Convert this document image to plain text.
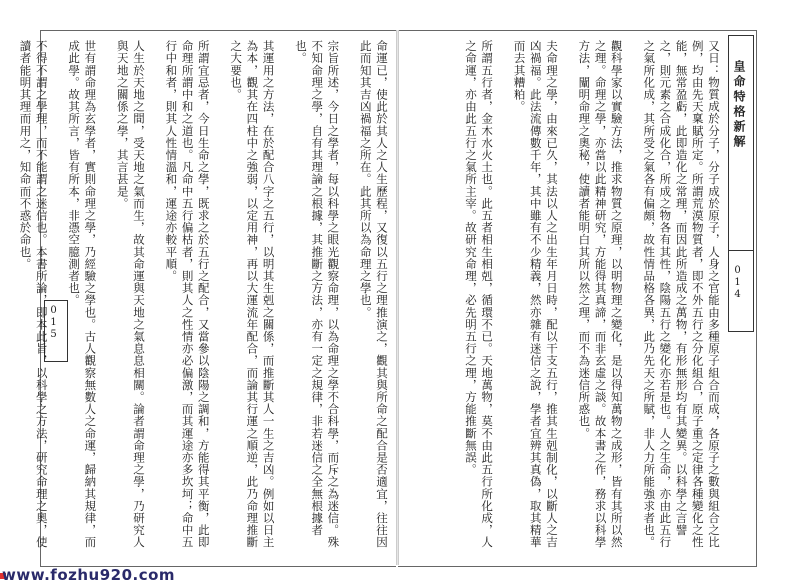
皇命特格新解
014
015	又日：物質成於分子，分子成於原子，人身之官能由多種原子組合而成，各原子之數與組合之比例，均由先天稟賦所定。所謂荒漠物質者，即不外五行之分化組合，原子重之定律各種變化之性能，無常盈虧，此即造化之常理，而因此所造成之萬物，有形無形均有其變異。以科學之言譬之，則元素之合成化合，所成之物各有其性，陰陽五行之變化亦若是也。人之生命，亦由此五行之氣所化成，其所受之氣各有偏頗，故性情品格各異，此乃先天之所賦，非人力所能強求者也。

觀科學家以實驗方法，推求物質之原理，以明物理之變化，是以得知萬物之成形，皆有其所以然之理。命理之學，亦當以此精神研究，方能得其真諦，而非玄虛之談。故本書之作，務求以科學方法，闡明命理之奧秘，使讀者能明白其所以然之理，而不為迷信所惑也。

夫命理之學，由來已久，其法以人之出生年月日時，配以干支五行，推其生剋制化，以斷人之吉凶禍福。此法流傳數千年，其中雖有不少精義，然亦雜有迷信之說，學者宜辨其真偽，取其精華而去其糟粕。

所謂五行者，金木水火土也。此五者相生相剋，循環不已。天地萬物，莫不由此五行所化成，人之命運，亦由此五行之氣所主宰。故研究命理，必先明五行之理，方能推斷無誤。
命運已，使此於其人之人生歷程，又復以五行之理推演之，觀其與所命之配合是否適宜，往往因此而知其吉凶禍福之所在。此其所以為命理之學也。

宗旨所述，今日之學者，每以科學之眼光觀察命理，以為命理之學不合科學，而斥之為迷信。殊不知命理之學，自有其理論之根據，其推斷之方法，亦有一定之規律，非若迷信之全無根據者也。

其運用之方法，在於配合八字之五行，以明其生剋之關係，而推斷其人一生之吉凶。例如以日主為本，觀其在四柱中之強弱，以定用神，再以大運流年配合，而論其行運之順逆，此乃命理推斷之大要也。

所謂宜忌者，今日生命之學，既求之於五行之配合，又當參以陰陽之調和，方能得其平衡，此即命理所謂中和之道也。凡命中五行偏枯者，則其人之性情亦必偏激，而其運途亦多坎坷；命中五行中和者，則其人性情溫和，運途亦較平順。

人生於天地之間，受天地之氣而生，故其命運與天地之氣息息相關。論者謂命理之學，乃研究人與天地之關係之學，其言甚是。

世有謂命理為玄學者，實則命理之學，乃經驗之學也。古人觀察無數人之命運，歸納其規律，而成此學。故其所言，皆有所本，非憑空臆測者也。

不得不謂之學理，而不能謂之迷信也。本書所論，即本此旨，以科學之方法，研究命理之奧，使讀者能明其理而用之，知命而不惑於命也。
www.fozhu920.com
